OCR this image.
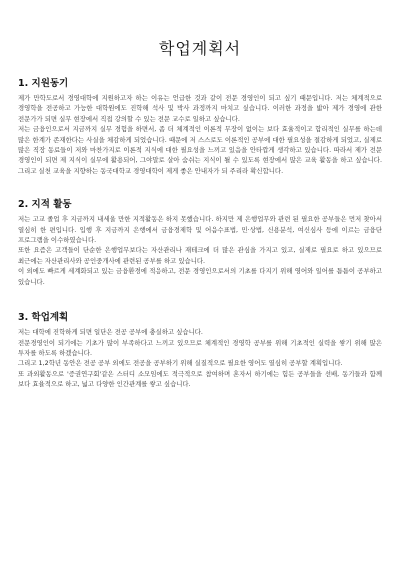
학업계획서
1. 지원동기

제가 만학도로서 경영대학에 지원하고자 하는 이유는 언급한 것과 같이 전문 경영인이 되고 싶기 때문입니다. 저는 체계적으로 경영학을 전공하고 가능한 대학원에도 진학해 석사 및 박사 과정까지 마치고 싶습니다. 이러한 과정을 밟아 제가 경영에 관한 전문가가 되면 실무 현장에서 직접 강의할 수 있는 전문 교수로 일하고 싶습니다.

저는 금융인으로서 지금까지 실무 경험을 하면서, 좀 더 체계적인 이론적 무장이 없이는 보다 효율적이고 합리적인 실무를 하는데 많은 한계가 존재한다는 사실을 체감하게 되었습니다. 때문에 저 스스로도 이론적인 공부에 대한 필요성을 절감하게 되었고, 실제로 많은 직장 동료들이 저와 마찬가지로 이론적 지식에 대한 필요성을 느끼고 있음을 안타깝게 생각하고 있습니다. 따라서 제가 전문 경영인이 되면 제 지식이 실무에 활용되어, 그야말로 살아 숨쉬는 지식이 될 수 있도록 현장에서 많은 교육 활동을 하고 싶습니다. 그리고 실천 교육을 지향하는 동국대학교 경영대학이 제게 좋은 안내자가 되 주리라 확신합니다.

2. 지적 활동

저는 고교 졸업 후 지금까지 내세울 만한 지적활동은 하지 못했습니다. 하지만 제 은행업무와 관련 된 필요한 공부들은 먼저 찾아서 열심히 한 편입니다. 입행 후 지금까지 은행에서 금융경제학 및 어음수표법, 민·상법, 신용분석, 여신심사 등에 이르는 금융단 프로그램을 이수하였습니다.

또한 요즘은 고객들이 단순한 은행업무보다는 자산관리나 재테크에 더 많은 관심을 가지고 있고, 실제로 필요로 하고 있으므로 최근에는 자산관리사와 공인중개사에 관련된 공부를 하고 있습니다.

이 외에도 빠르게 세계화되고 있는 금융환경에 적응하고, 전문 경영인으로서의 기초를 다지기 위해 영어와 일어를 틈틈이 공부하고 있습니다.

3. 학업계획

저는 대학에 진학하게 되면 일단은 전공 공부에 충실하고 싶습니다.

전문경영인이 되기에는 기초가 많이 부족하다고 느끼고 있으므로 체계적인 경영학 공부를 위해 기초적인 실력을 쌓기 위해 많은 투자를 하도록 하겠습니다.

그리고 1,2학년 동안은 전공 공부 외에도 전공을 공부하기 위해 실질적으로 필요한 영어도 열심히 공부할 계획입니다.

또 과외활동으로 '증권연구회'같은 스터디 소모임에도 적극적으로 참여하며 혼자서 하기에는 힘든 공부들을 선배, 동기들과 함께 보다 효율적으로 하고, 넓고 다양한 인간관계를 쌓고 싶습니다.
